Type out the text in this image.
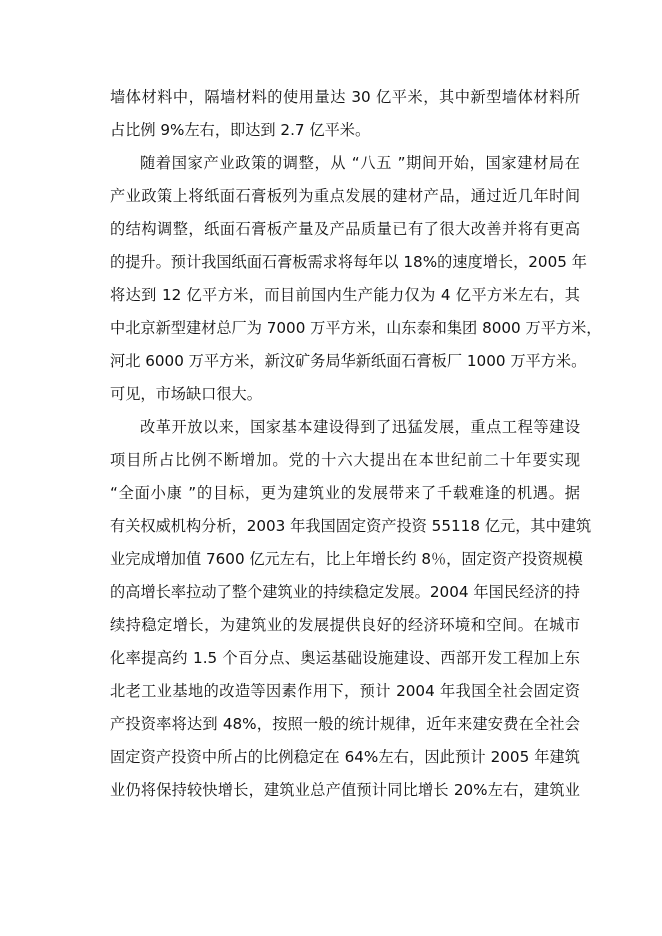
墙体材料中，隔墙材料的使用量达 30 亿平米，其中新型墙体材料所
占比例 9%左右，即达到 2.7 亿平米。
随着国家产业政策的调整，从 “八五 ”期间开始，国家建材局在
产业政策上将纸面石膏板列为重点发展的建材产品，通过近几年时间
的结构调整，纸面石膏板产量及产品质量已有了很大改善并将有更高
的提升。预计我国纸面石膏板需求将每年以 18%的速度增长，2005 年
将达到 12 亿平方米，而目前国内生产能力仅为 4 亿平方米左右，其
中北京新型建材总厂为 7000 万平方米，山东泰和集团 8000 万平方米，
河北 6000 万平方米，新汶矿务局华新纸面石膏板厂 1000 万平方米。
可见，市场缺口很大。
改革开放以来，国家基本建设得到了迅猛发展，重点工程等建设
项目所占比例不断增加。党的十六大提出在本世纪前二十年要实现
“全面小康 ”的目标，更为建筑业的发展带来了千载难逢的机遇。据
有关权威机构分析，2003 年我国固定资产投资 55118 亿元，其中建筑
业完成增加值 7600 亿元左右，比上年增长约 8％，固定资产投资规模
的高增长率拉动了整个建筑业的持续稳定发展。2004 年国民经济的持
续持稳定增长，为建筑业的发展提供良好的经济环境和空间。在城市
化率提高约 1.5 个百分点、奥运基础设施建设、西部开发工程加上东
北老工业基地的改造等因素作用下，预计 2004 年我国全社会固定资
产投资率将达到 48%，按照一般的统计规律，近年来建安费在全社会
固定资产投资中所占的比例稳定在 64%左右，因此预计 2005 年建筑
业仍将保持较快增长，建筑业总产值预计同比增长 20%左右，建筑业
